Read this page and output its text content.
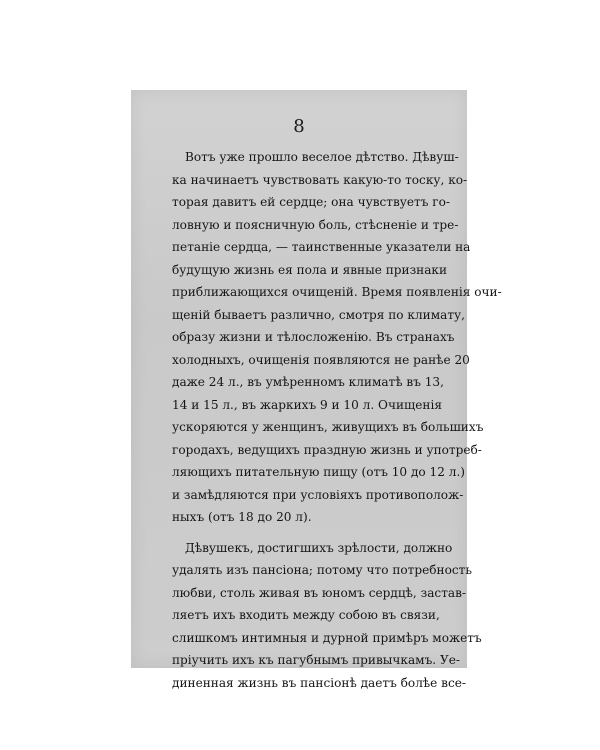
8
Вотъ уже прошло веселое дѣтство. Дѣвуш-
ка начинаетъ чувствовать какую-то тоску, ко-
торая давитъ ей сердце; она чувствуетъ го-
ловную и поясничную боль, стѣсненіе и тре-
петаніе сердца, — таинственные указатели на
будущую жизнь ея пола и явные признаки
приближающихся очищеній. Время появленія очи-
щеній бываетъ различно, смотря по климату,
образу жизни и тѣлосложенію. Въ странахъ
холодныхъ, очищенія появляются не ранѣе 20
даже 24 л., въ умѣренномъ климатѣ въ 13,
14 и 15 л., въ жаркихъ 9 и 10 л. Очищенія
ускоряются у женщинъ, живущихъ въ большихъ
городахъ, ведущихъ праздную жизнь и употреб-
ляющихъ питательную пищу (отъ 10 до 12 л.)
и замѣдляются при условіяхъ противополож-
ныхъ (отъ 18 до 20 л).
Дѣвушекъ, достигшихъ зрѣлости, должно
удалять изъ пансіона; потому что потребность
любви, столь живая въ юномъ сердцѣ, застав-
ляетъ ихъ входить между собою въ связи,
слишкомъ интимныя и дурной примѣръ можетъ
пріучить ихъ къ пагубнымъ привычкамъ. Уе-
диненная жизнь въ пансіонѣ даетъ болѣе все-
